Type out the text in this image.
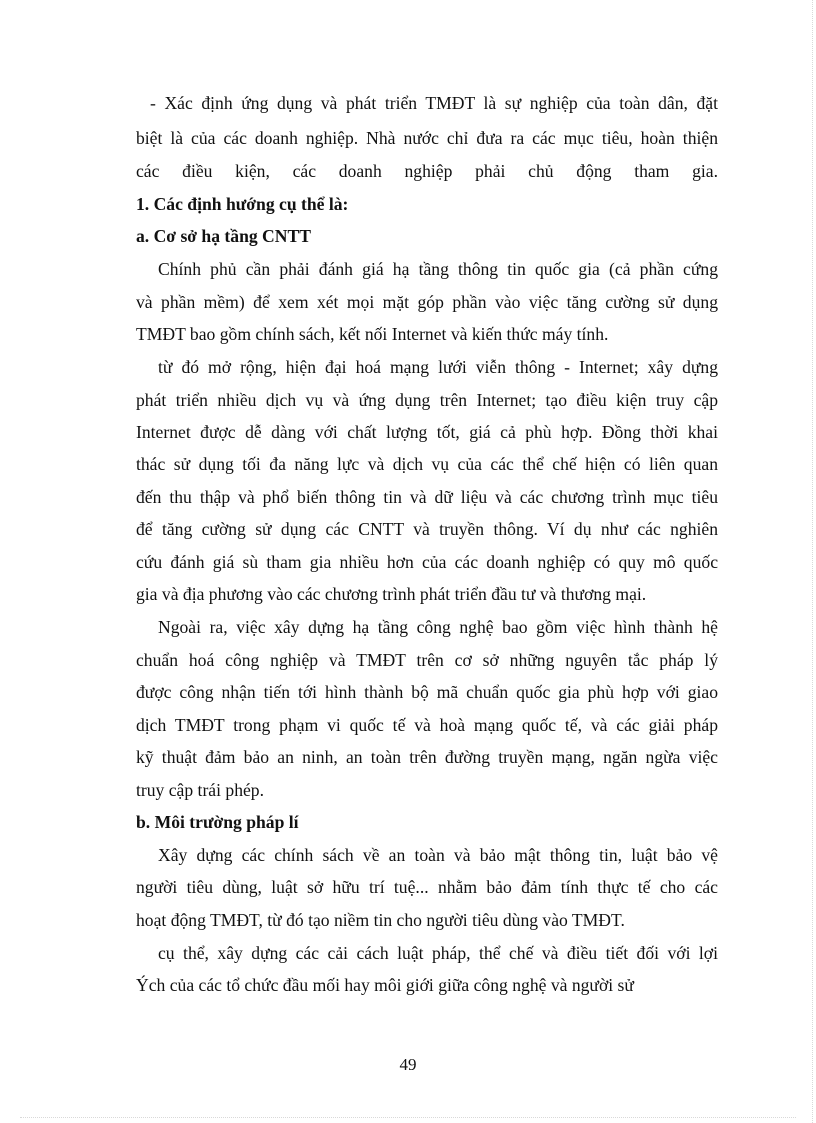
- Xác định ứng dụng và phát triển TMĐT là sự nghiệp của toàn dân, đặt
biệt là của các doanh nghiệp. Nhà nước chỉ đưa ra các mục tiêu, hoàn thiện
các điều kiện, các doanh nghiệp phải chủ động tham gia.
1. Các định hướng cụ thể là:
a. Cơ sở hạ tầng CNTT
Chính phủ cần phải đánh giá hạ tầng thông tin quốc gia (cả phần cứng
và phần mềm) để xem xét mọi mặt góp phần vào việc tăng cường sử dụng
TMĐT bao gồm chính sách, kết nối Internet và kiến thức máy tính.
từ đó mở rộng, hiện đại hoá mạng lưới viễn thông - Internet; xây dựng
phát triển nhiều dịch vụ và ứng dụng trên Internet; tạo điều kiện truy cập
Internet được dễ dàng với chất lượng tốt, giá cả phù hợp. Đồng thời khai
thác sử dụng tối đa năng lực và dịch vụ của các thể chế hiện có liên quan
đến thu thập và phổ biến thông tin và dữ liệu và các chương trình mục tiêu
để tăng cường sử dụng các CNTT và truyền thông. Ví dụ như các nghiên
cứu đánh giá sù tham gia nhiều hơn của các doanh nghiệp có quy mô quốc
gia và địa phương vào các chương trình phát triển đầu tư và thương mại.
Ngoài ra, việc xây dựng hạ tầng công nghệ bao gồm việc hình thành hệ
chuẩn hoá công nghiệp và TMĐT trên cơ sở những nguyên tắc pháp lý
được công nhận tiến tới hình thành bộ mã chuẩn quốc gia phù hợp với giao
dịch TMĐT trong phạm vi quốc tế và hoà mạng quốc tế, và các giải pháp
kỹ thuật đảm bảo an ninh, an toàn trên đường truyền mạng, ngăn ngừa việc
truy cập trái phép.
b. Môi trường pháp lí
Xây dựng các chính sách về an toàn và bảo mật thông tin, luật bảo vệ
người tiêu dùng, luật sở hữu trí tuệ... nhằm bảo đảm tính thực tế cho các
hoạt động TMĐT, từ đó tạo niềm tin cho người tiêu dùng vào TMĐT.
cụ thể, xây dựng các cải cách luật pháp, thể chế và điều tiết đối với lợi
Ých của các tổ chức đầu mối hay môi giới giữa công nghệ và người sử
49
